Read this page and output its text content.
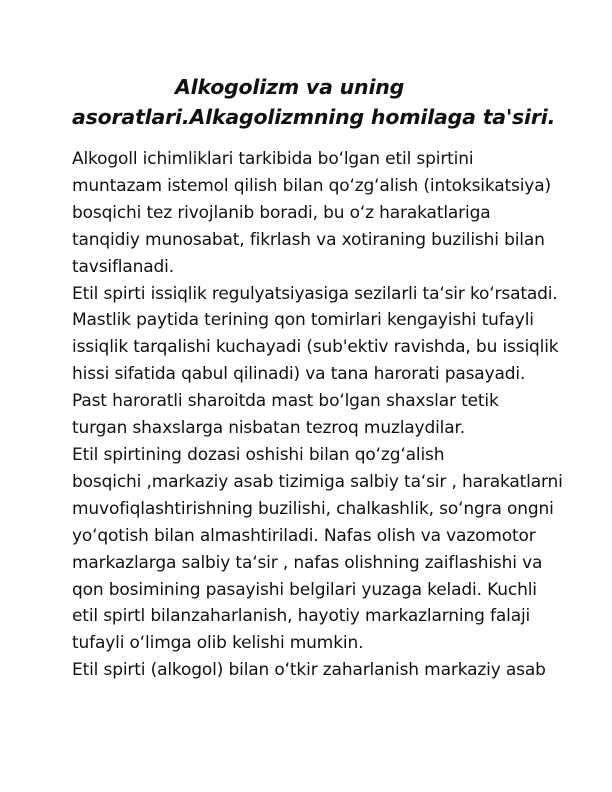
Alkogolizm va uning
asoratlari.Alkagolizmning homilaga ta'siri.
Alkogoll ichimliklari tarkibida boʻlgan etil spirtini
muntazam istemol qilish bilan qoʻzgʻalish (intoksikatsiya)
bosqichi tez rivojlanib boradi, bu oʻz harakatlariga
tanqidiy munosabat, fikrlash va xotiraning buzilishi bilan
tavsiflanadi.
Etil spirti issiqlik regulyatsiyasiga sezilarli taʻsir koʻrsatadi.
Mastlik paytida terining qon tomirlari kengayishi tufayli
issiqlik tarqalishi kuchayadi (sub'ektiv ravishda, bu issiqlik
hissi sifatida qabul qilinadi) va tana harorati pasayadi.
Past haroratli sharoitda mast boʻlgan shaxslar tetik
turgan shaxslarga nisbatan tezroq muzlaydilar.
Etil spirtining dozasi oshishi bilan qoʻzgʻalish
bosqichi ,markaziy asab tizimiga salbiy taʻsir , harakatlarni
muvofiqlashtirishning buzilishi, chalkashlik, soʻngra ongni
yoʻqotish bilan almashtiriladi. Nafas olish va vazomotor
markazlarga salbiy taʻsir , nafas olishning zaiflashishi va
qon bosimining pasayishi belgilari yuzaga keladi. Kuchli
etil spirtl bilanzaharlanish, hayotiy markazlarning falaji
tufayli oʻlimga olib kelishi mumkin.
Etil spirti (alkogol) bilan oʻtkir zaharlanish markaziy asab
